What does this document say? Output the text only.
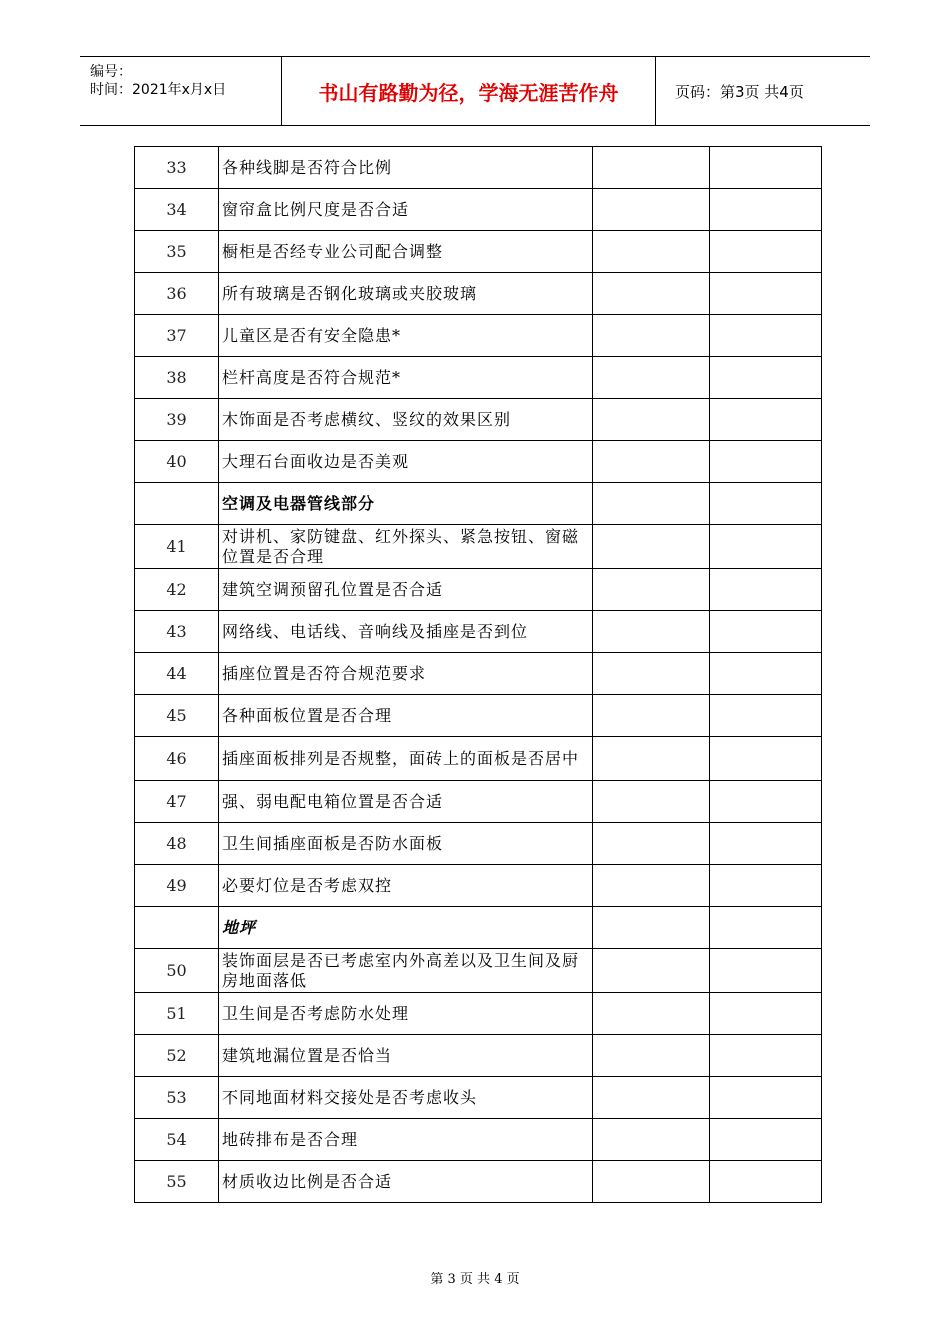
编号：
时间：2021年x月x日	书山有路勤为径，学海无涯苦作舟	页码：第3页 共4页
33	各种线脚是否符合比例		
34	窗帘盒比例尺度是否合适		
35	橱柜是否经专业公司配合调整		
36	所有玻璃是否钢化玻璃或夹胶玻璃		
37	儿童区是否有安全隐患*		
38	栏杆高度是否符合规范*		
39	木饰面是否考虑横纹、竖纹的效果区别		
40	大理石台面收边是否美观		
	空调及电器管线部分		
41	对讲机、家防键盘、红外探头、紧急按钮、窗磁位置是否合理		
42	建筑空调预留孔位置是否合适		
43	网络线、电话线、音响线及插座是否到位		
44	插座位置是否符合规范要求		
45	各种面板位置是否合理		
46	插座面板排列是否规整，面砖上的面板是否居中		
47	强、弱电配电箱位置是否合适		
48	卫生间插座面板是否防水面板		
49	必要灯位是否考虑双控		
	地坪		
50	装饰面层是否已考虑室内外高差以及卫生间及厨房地面落低		
51	卫生间是否考虑防水处理		
52	建筑地漏位置是否恰当		
53	不同地面材料交接处是否考虑收头		
54	地砖排布是否合理		
55	材质收边比例是否合适		
第 3 页 共 4 页
